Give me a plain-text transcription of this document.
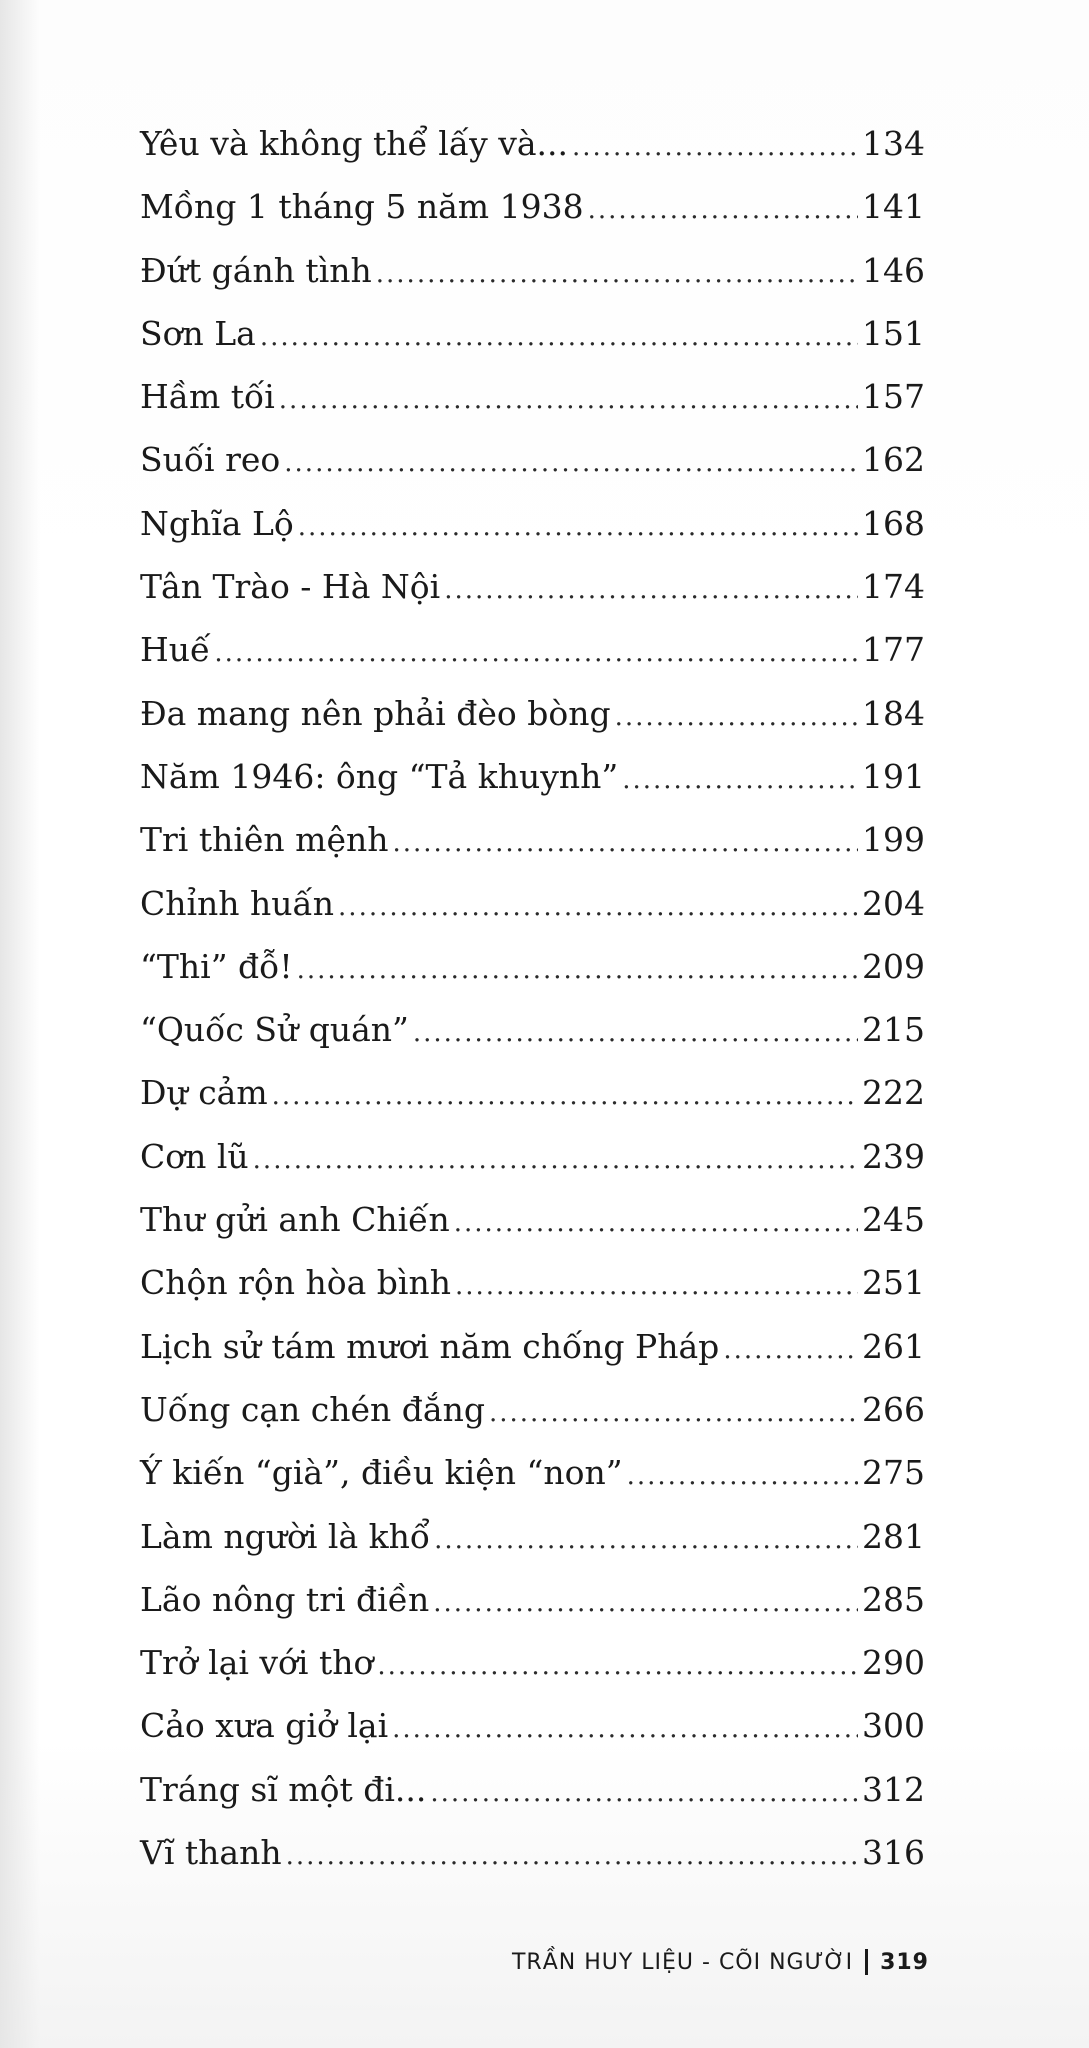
Yêu và không thể lấy và... .....	134
Mồng 1 tháng 5 năm 1938 .....	141
Đứt gánh tình .....	146
Sơn La .....	151
Hầm tối .....	157
Suối reo .....	162
Nghĩa Lộ .....	168
Tân Trào - Hà Nội .....	174
Huế .....	177
Đa mang nên phải đèo bòng .....	184
Năm 1946: ông “Tả khuynh” .....	191
Tri thiên mệnh .....	199
Chỉnh huấn .....	204
“Thi” đỗ! .....	209
“Quốc Sử quán” .....	215
Dự cảm .....	222
Cơn lũ .....	239
Thư gửi anh Chiến .....	245
Chộn rộn hòa bình .....	251
Lịch sử tám mươi năm chống Pháp .....	261
Uống cạn chén đắng .....	266
Ý kiến “già”, điều kiện “non” .....	275
Làm người là khổ .....	281
Lão nông tri điền .....	285
Trở lại với thơ .....	290
Cảo xưa giở lại .....	300
Tráng sĩ một đi... .....	312
Vĩ thanh .....	316
TRẦN HUY LIỆU - CÕI NGƯỜI 319
